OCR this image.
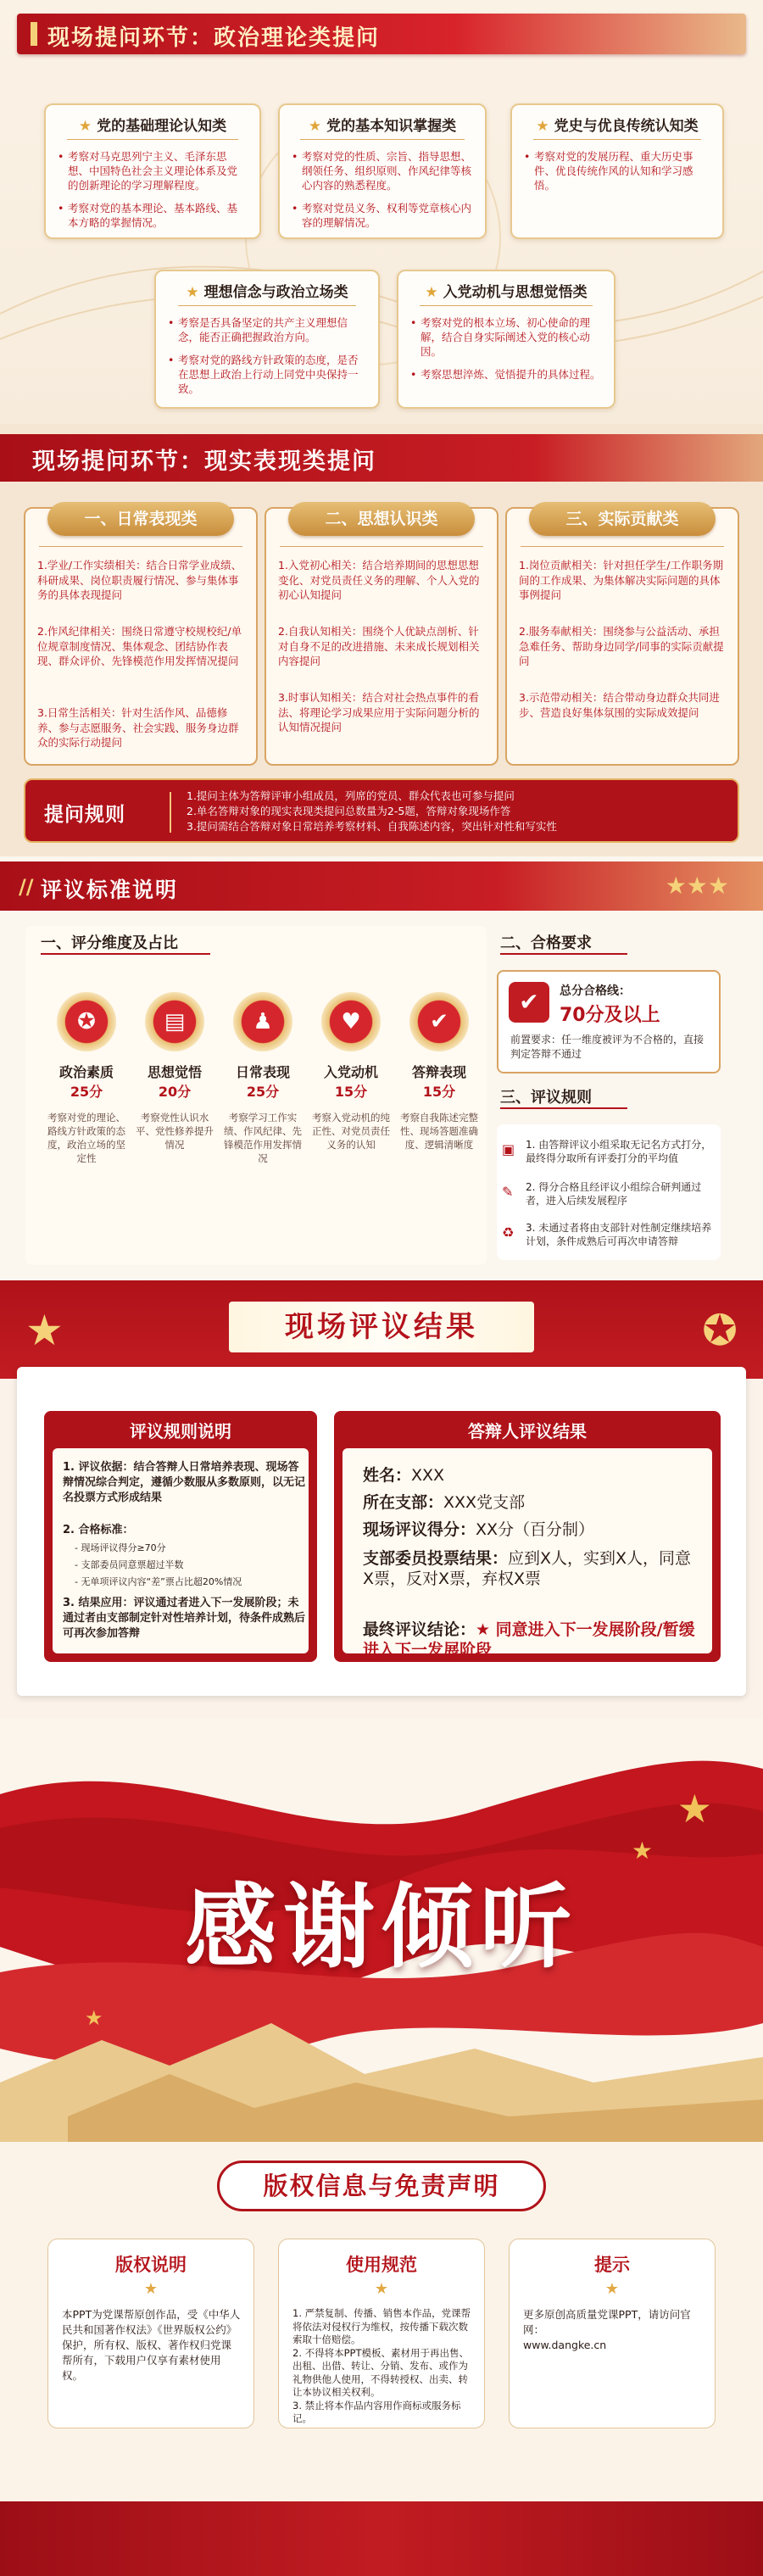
现场提问环节：政治理论类提问
★ 党的基础理论认知类
• 考察对马克思列宁主义、毛泽东思想、中国特色社会主义理论体系及党的创新理论的学习理解程度。
• 考察对党的基本理论、基本路线、基本方略的掌握情况。
★ 党的基本知识掌握类
• 考察对党的性质、宗旨、指导思想、纲领任务、组织原则、作风纪律等核心内容的熟悉程度。
• 考察对党员义务、权利等党章核心内容的理解情况。
★ 党史与优良传统认知类
• 考察对党的发展历程、重大历史事件、优良传统作风的认知和学习感悟。
★ 理想信念与政治立场类
• 考察是否具备坚定的共产主义理想信念，能否正确把握政治方向。
• 考察对党的路线方针政策的态度，是否在思想上政治上行动上同党中央保持一致。
★ 入党动机与思想觉悟类
• 考察对党的根本立场、初心使命的理解，结合自身实际阐述入党的核心动因。
• 考察思想淬炼、觉悟提升的具体过程。
现场提问环节：现实表现类提问
一、日常表现类
1.学业/工作实绩相关：结合日常学业成绩、科研成果、岗位职责履行情况、参与集体事务的具体表现提问
2.作风纪律相关：围绕日常遵守校规校纪/单位规章制度情况、集体观念、团结协作表现、群众评价、先锋模范作用发挥情况提问
3.日常生活相关：针对生活作风、品德修养、参与志愿服务、社会实践、服务身边群众的实际行动提问
二、思想认识类
1.入党初心相关：结合培养期间的思想思想变化、对党员责任义务的理解、个人入党的初心认知提问
2.自我认知相关：围绕个人优缺点剖析、针对自身不足的改进措施、未来成长规划相关内容提问
3.时事认知相关：结合对社会热点事件的看法、将理论学习成果应用于实际问题分析的认知情况提问
三、实际贡献类
1.岗位贡献相关：针对担任学生/工作职务期间的工作成果、为集体解决实际问题的具体事例提问
2.服务奉献相关：围绕参与公益活动、承担急难任务、帮助身边同学/同事的实际贡献提问
3.示范带动相关：结合带动身边群众共同进步、营造良好集体氛围的实际成效提问
提问规则
1.提问主体为答辩评审小组成员，列席的党员、群众代表也可参与提问
2.单名答辩对象的现实表现类提问总数量为2-5题，答辩对象现场作答
3.提问需结合答辩对象日常培养考察材料、自我陈述内容，突出针对性和写实性
// 评议标准说明	★★★
一、评分维度及占比
✪
政治素质
25分
考察对党的理论、路线方针政策的态度，政治立场的坚定性
▤
思想觉悟
20分
考察党性认识水平、党性修养提升情况
♟
日常表现
25分
考察学习工作实绩、作风纪律、先锋模范作用发挥情况
♥
入党动机
15分
考察入党动机的纯正性、对党员责任义务的认知
✔
答辩表现
15分
考察自我陈述完整性、现场答题准确度、逻辑清晰度
二、合格要求
✔	总分合格线：
70分及以上
前置要求：任一维度被评为不合格的，直接判定答辩不通过
三、评议规则
▣ 1. 由答辩评议小组采取无记名方式打分，最终得分取所有评委打分的平均值
✎ 2. 得分合格且经评议小组综合研判通过者，进入后续发展程序
♻ 3. 未通过者将由支部针对性制定继续培养计划，条件成熟后可再次申请答辩
★	✪
现场评议结果
评议规则说明
1. 评议依据：结合答辩人日常培养表现、现场答辩情况综合判定，遵循少数服从多数原则，以无记名投票方式形成结果
2. 合格标准：
- 现场评议得分≥70分
- 支部委员同意票超过半数
- 无单项评议内容“差”票占比超20%情况
3. 结果应用：评议通过者进入下一发展阶段；未通过者由支部制定针对性培养计划，待条件成熟后可再次参加答辩
答辩人评议结果
姓名：XXX
所在支部：XXX党支部
现场评议得分：XX分（百分制）
支部委员投票结果：应到X人，实到X人，同意X票，反对X票，弃权X票
最终评议结论：★ 同意进入下一发展阶段/暂缓进入下一发展阶段
★
★
★
感谢倾听
版权信息与免责声明
版权说明
★
本PPT为党课帮原创作品，受《中华人民共和国著作权法》《世界版权公约》保护，所有权、版权、著作权归党课帮所有，下载用户仅享有素材使用权。
使用规范
★
1. 严禁复制、传播、销售本作品，党课帮将依法对侵权行为维权，按传播下载次数索取十倍赔偿。
2. 不得将本PPT模板、素材用于再出售、出租、出借、转让、分销、发布、或作为礼物供他人使用，不得转授权、出卖、转让本协议相关权利。
3. 禁止将本作品内容用作商标或服务标记。
提示
★
更多原创高质量党课PPT，请访问官网：
www.dangke.cn
